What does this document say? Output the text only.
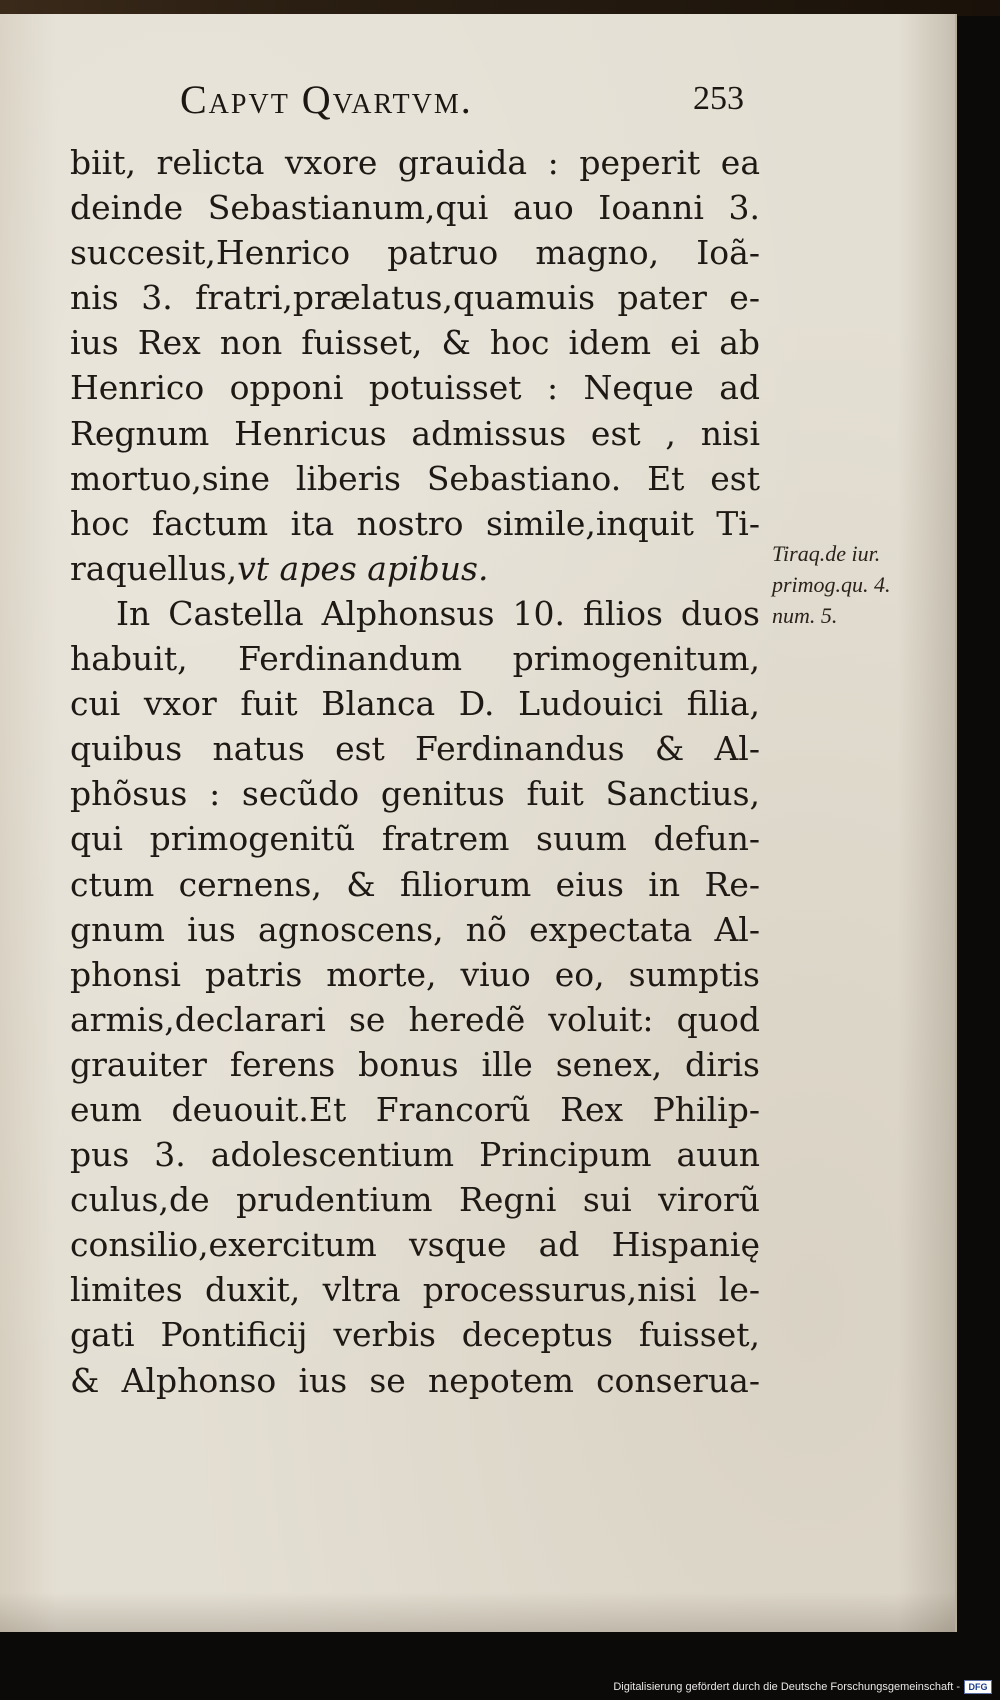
Capvt Qvartvm.	253
biit, relicta vxore grauida : peperit ea
deinde Sebastianum,qui auo Ioanni 3.
succesit,Henrico patruo magno, Ioã-
nis 3. fratri,prælatus,quamuis pater e-
ius Rex non fuisset, & hoc idem ei ab
Henrico opponi potuisset : Neque ad
Regnum Henricus admissus est , nisi
mortuo,sine liberis Sebastiano. Et est
hoc factum ita nostro simile,inquit Ti-
raquellus,vt apes apibus.
In Castella Alphonsus 10. filios duos
habuit, Ferdinandum primogenitum,
cui vxor fuit Blanca D. Ludouici filia,
quibus natus est Ferdinandus & Al-
phõsus : secũdo genitus fuit Sanctius,
qui primogenitũ fratrem suum defun-
ctum cernens, & filiorum eius in Re-
gnum ius agnoscens, nõ expectata Al-
phonsi patris morte, viuo eo, sumptis
armis,declarari se heredẽ voluit: quod
grauiter ferens bonus ille senex, diris
eum deuouit.Et Francorũ Rex Philip-
pus 3. adolescentium Principum auun
culus,de prudentium Regni sui virorũ
consilio,exercitum vsque ad Hispanię
limites duxit, vltra processurus,nisi le-
gati Pontificij verbis deceptus fuisset,
& Alphonso ius se nepotem conserua-
Tiraq.de iur.
primog.qu. 4.
num. 5.
Digitalisierung gefördert durch die Deutsche Forschungsgemeinschaft - DFG
